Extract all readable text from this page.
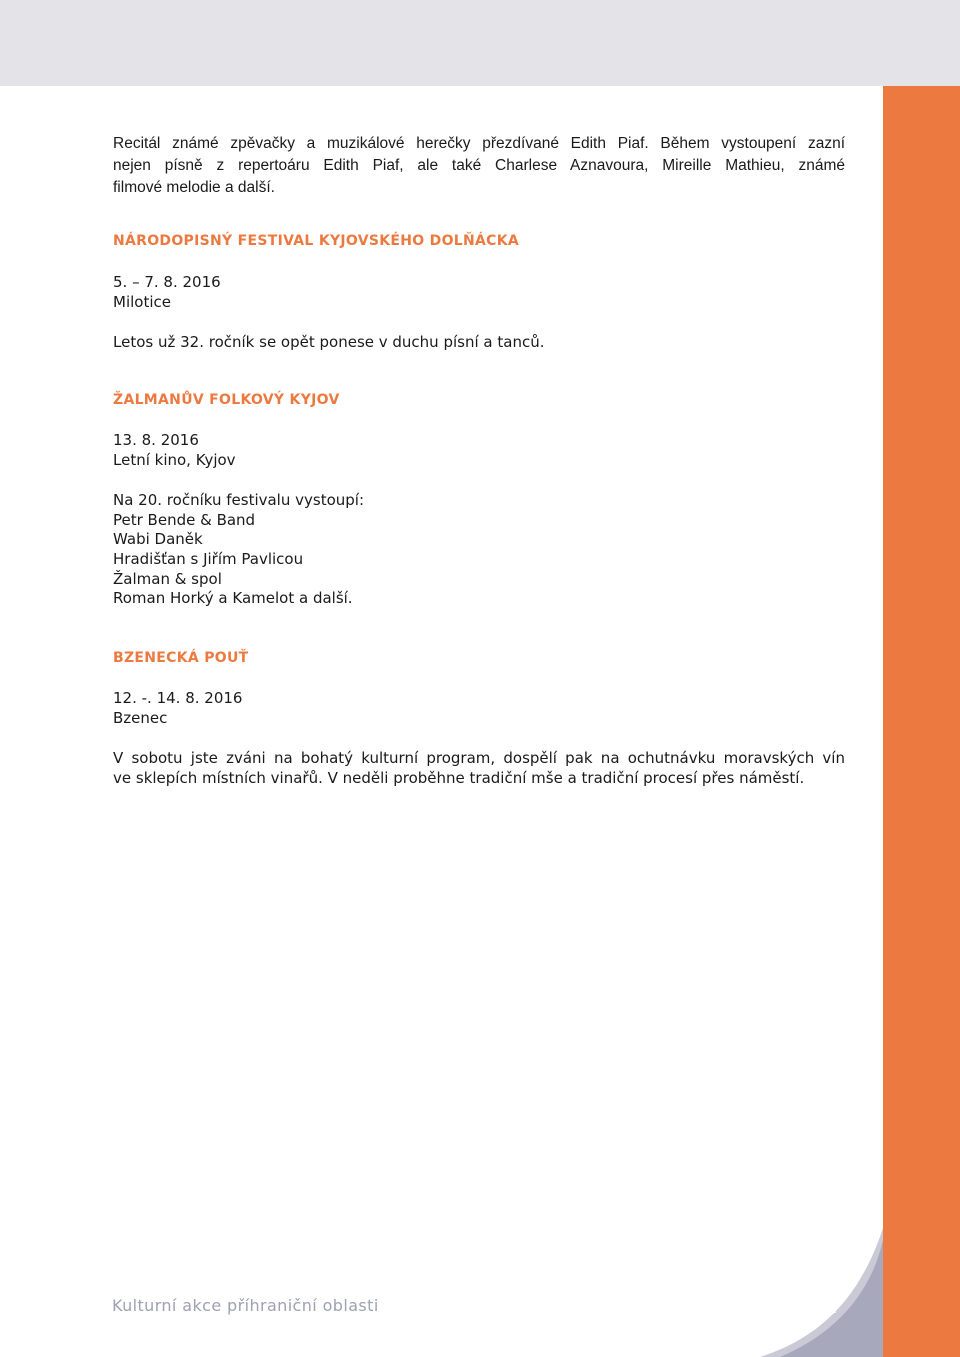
Recitál známé zpěvačky a muzikálové herečky přezdívané Edith Piaf. Během vystoupení zazní
nejen písně z repertoáru Edith Piaf, ale také Charlese Aznavoura, Mireille Mathieu, známé
filmové melodie a další.

NÁRODOPISNÝ FESTIVAL KYJOVSKÉHO DOLŇÁCKA
5. – 7. 8. 2016
Milotice
Letos už 32. ročník se opět ponese v duchu písní a tanců.
ŽALMANŮV FOLKOVÝ KYJOV
13. 8. 2016
Letní kino, Kyjov
Na 20. ročníku festivalu vystoupí:
Petr Bende & Band
Wabi Daněk
Hradišťan s Jiřím Pavlicou
Žalman & spol
Roman Horký a Kamelot a další.
BZENECKÁ POUŤ
12. -. 14. 8. 2016
Bzenec
V sobotu jste zváni na bohatý kulturní program, dospělí pak na ochutnávku moravských vín
ve sklepích místních vinařů. V neděli proběhne tradiční mše a tradiční procesí přes náměstí.
Kulturní akce příhraniční oblasti	12
